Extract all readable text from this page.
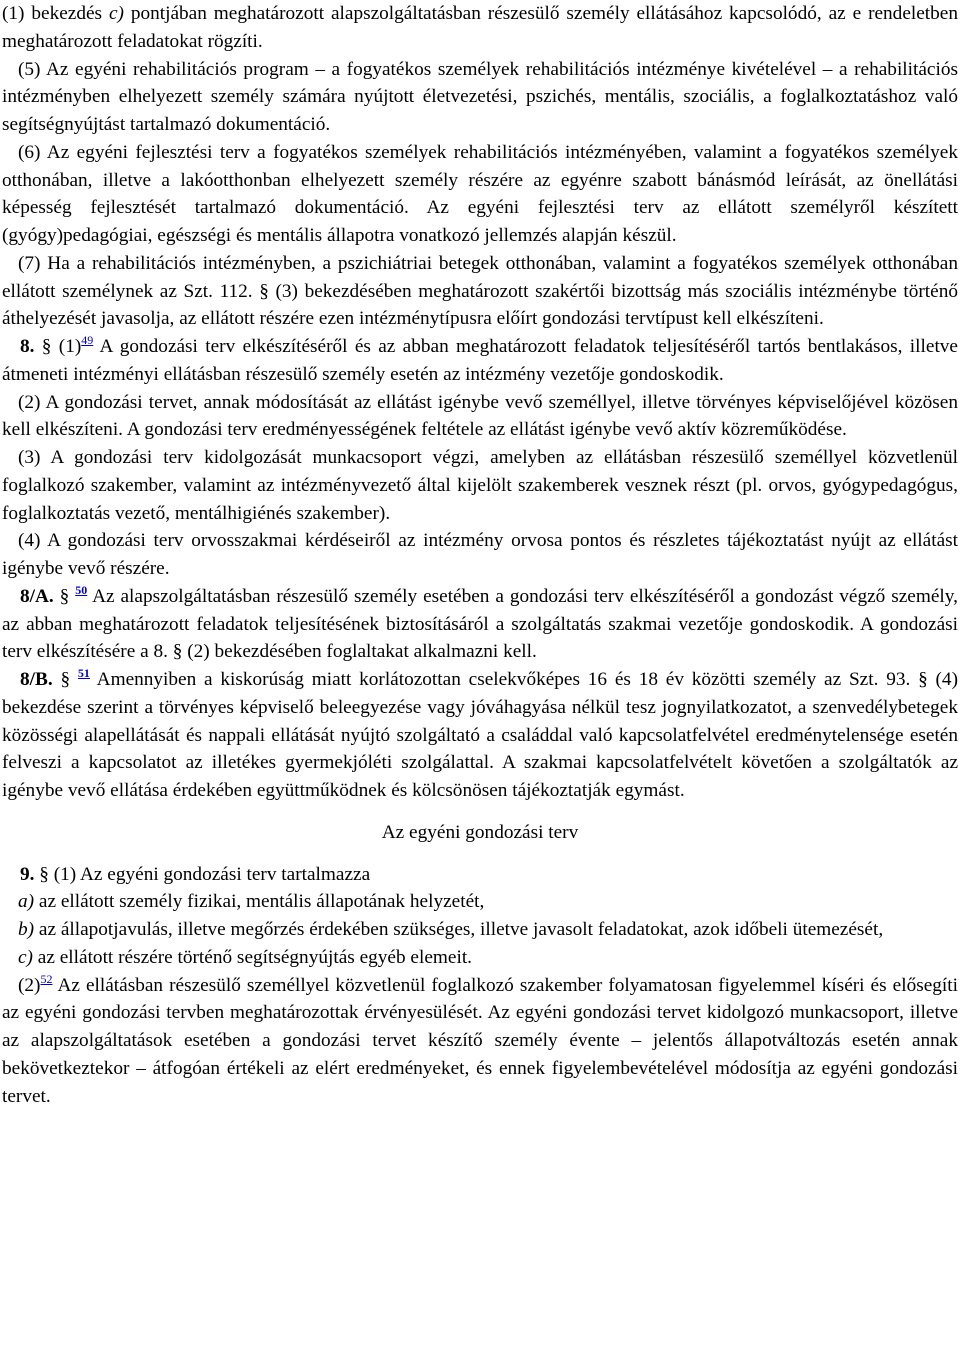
(1) bekezdés c) pontjában meghatározott alapszolgáltatásban részesülő személy ellátásához kapcsolódó, az e rendeletben meghatározott feladatokat rögzíti.

(5) Az egyéni rehabilitációs program – a fogyatékos személyek rehabilitációs intézménye kivételével – a rehabilitációs intézményben elhelyezett személy számára nyújtott életvezetési, pszichés, mentális, szociális, a foglalkoztatáshoz való segítségnyújtást tartalmazó dokumentáció.

(6) Az egyéni fejlesztési terv a fogyatékos személyek rehabilitációs intézményében, valamint a fogyatékos személyek otthonában, illetve a lakóotthonban elhelyezett személy részére az egyénre szabott bánásmód leírását, az önellátási képesség fejlesztését tartalmazó dokumentáció. Az egyéni fejlesztési terv az ellátott személyről készített (gyógy)pedagógiai, egészségi és mentális állapotra vonatkozó jellemzés alapján készül.

(7) Ha a rehabilitációs intézményben, a pszichiátriai betegek otthonában, valamint a fogyatékos személyek otthonában ellátott személynek az Szt. 112. § (3) bekezdésében meghatározott szakértői bizottság más szociális intézménybe történő áthelyezését javasolja, az ellátott részére ezen intézménytípusra előírt gondozási tervtípust kell elkészíteni.

8. § (1)$^{49}$ A gondozási terv elkészítéséről és az abban meghatározott feladatok teljesítéséről tartós bentlakásos, illetve átmeneti intézményi ellátásban részesülő személy esetén az intézmény vezetője gondoskodik.

(2) A gondozási tervet, annak módosítását az ellátást igénybe vevő személlyel, illetve törvényes képviselőjével közösen kell elkészíteni. A gondozási terv eredményességének feltétele az ellátást igénybe vevő aktív közreműködése.

(3) A gondozási terv kidolgozását munkacsoport végzi, amelyben az ellátásban részesülő személlyel közvetlenül foglalkozó szakember, valamint az intézményvezető által kijelölt szakemberek vesznek részt (pl. orvos, gyógypedagógus, foglalkoztatás vezető, mentálhigiénés szakember).

(4) A gondozási terv orvosszakmai kérdéseiről az intézmény orvosa pontos és részletes tájékoztatást nyújt az ellátást igénybe vevő részére.

8/A. § $^{50}$ Az alapszolgáltatásban részesülő személy esetében a gondozási terv elkészítéséről a gondozást végző személy, az abban meghatározott feladatok teljesítésének biztosításáról a szolgáltatás szakmai vezetője gondoskodik. A gondozási terv elkészítésére a 8. § (2) bekezdésében foglaltakat alkalmazni kell.

8/B. § $^{51}$ Amennyiben a kiskorúság miatt korlátozottan cselekvőképes 16 és 18 év közötti személy az Szt. 93. § (4) bekezdése szerint a törvényes képviselő beleegyezése vagy jóváhagyása nélkül tesz jognyilatkozatot, a szenvedélybetegek közösségi alapellátását és nappali ellátását nyújtó szolgáltató a családdal való kapcsolatfelvétel eredménytelensége esetén felveszi a kapcsolatot az illetékes gyermekjóléti szolgálattal. A szakmai kapcsolatfelvételt követően a szolgáltatók az igénybe vevő ellátása érdekében együttműködnek és kölcsönösen tájékoztatják egymást.

Az egyéni gondozási terv

9. § (1) Az egyéni gondozási terv tartalmazza

a) az ellátott személy fizikai, mentális állapotának helyzetét,

b) az állapotjavulás, illetve megőrzés érdekében szükséges, illetve javasolt feladatokat, azok időbeli ütemezését,

c) az ellátott részére történő segítségnyújtás egyéb elemeit.

(2)$^{52}$ Az ellátásban részesülő személlyel közvetlenül foglalkozó szakember folyamatosan figyelemmel kíséri és elősegíti az egyéni gondozási tervben meghatározottak érvényesülését. Az egyéni gondozási tervet kidolgozó munkacsoport, illetve az alapszolgáltatások esetében a gondozási tervet készítő személy évente – jelentős állapotváltozás esetén annak bekövetkeztekor – átfogóan értékeli az elért eredményeket, és ennek figyelembevételével módosítja az egyéni gondozási tervet.
